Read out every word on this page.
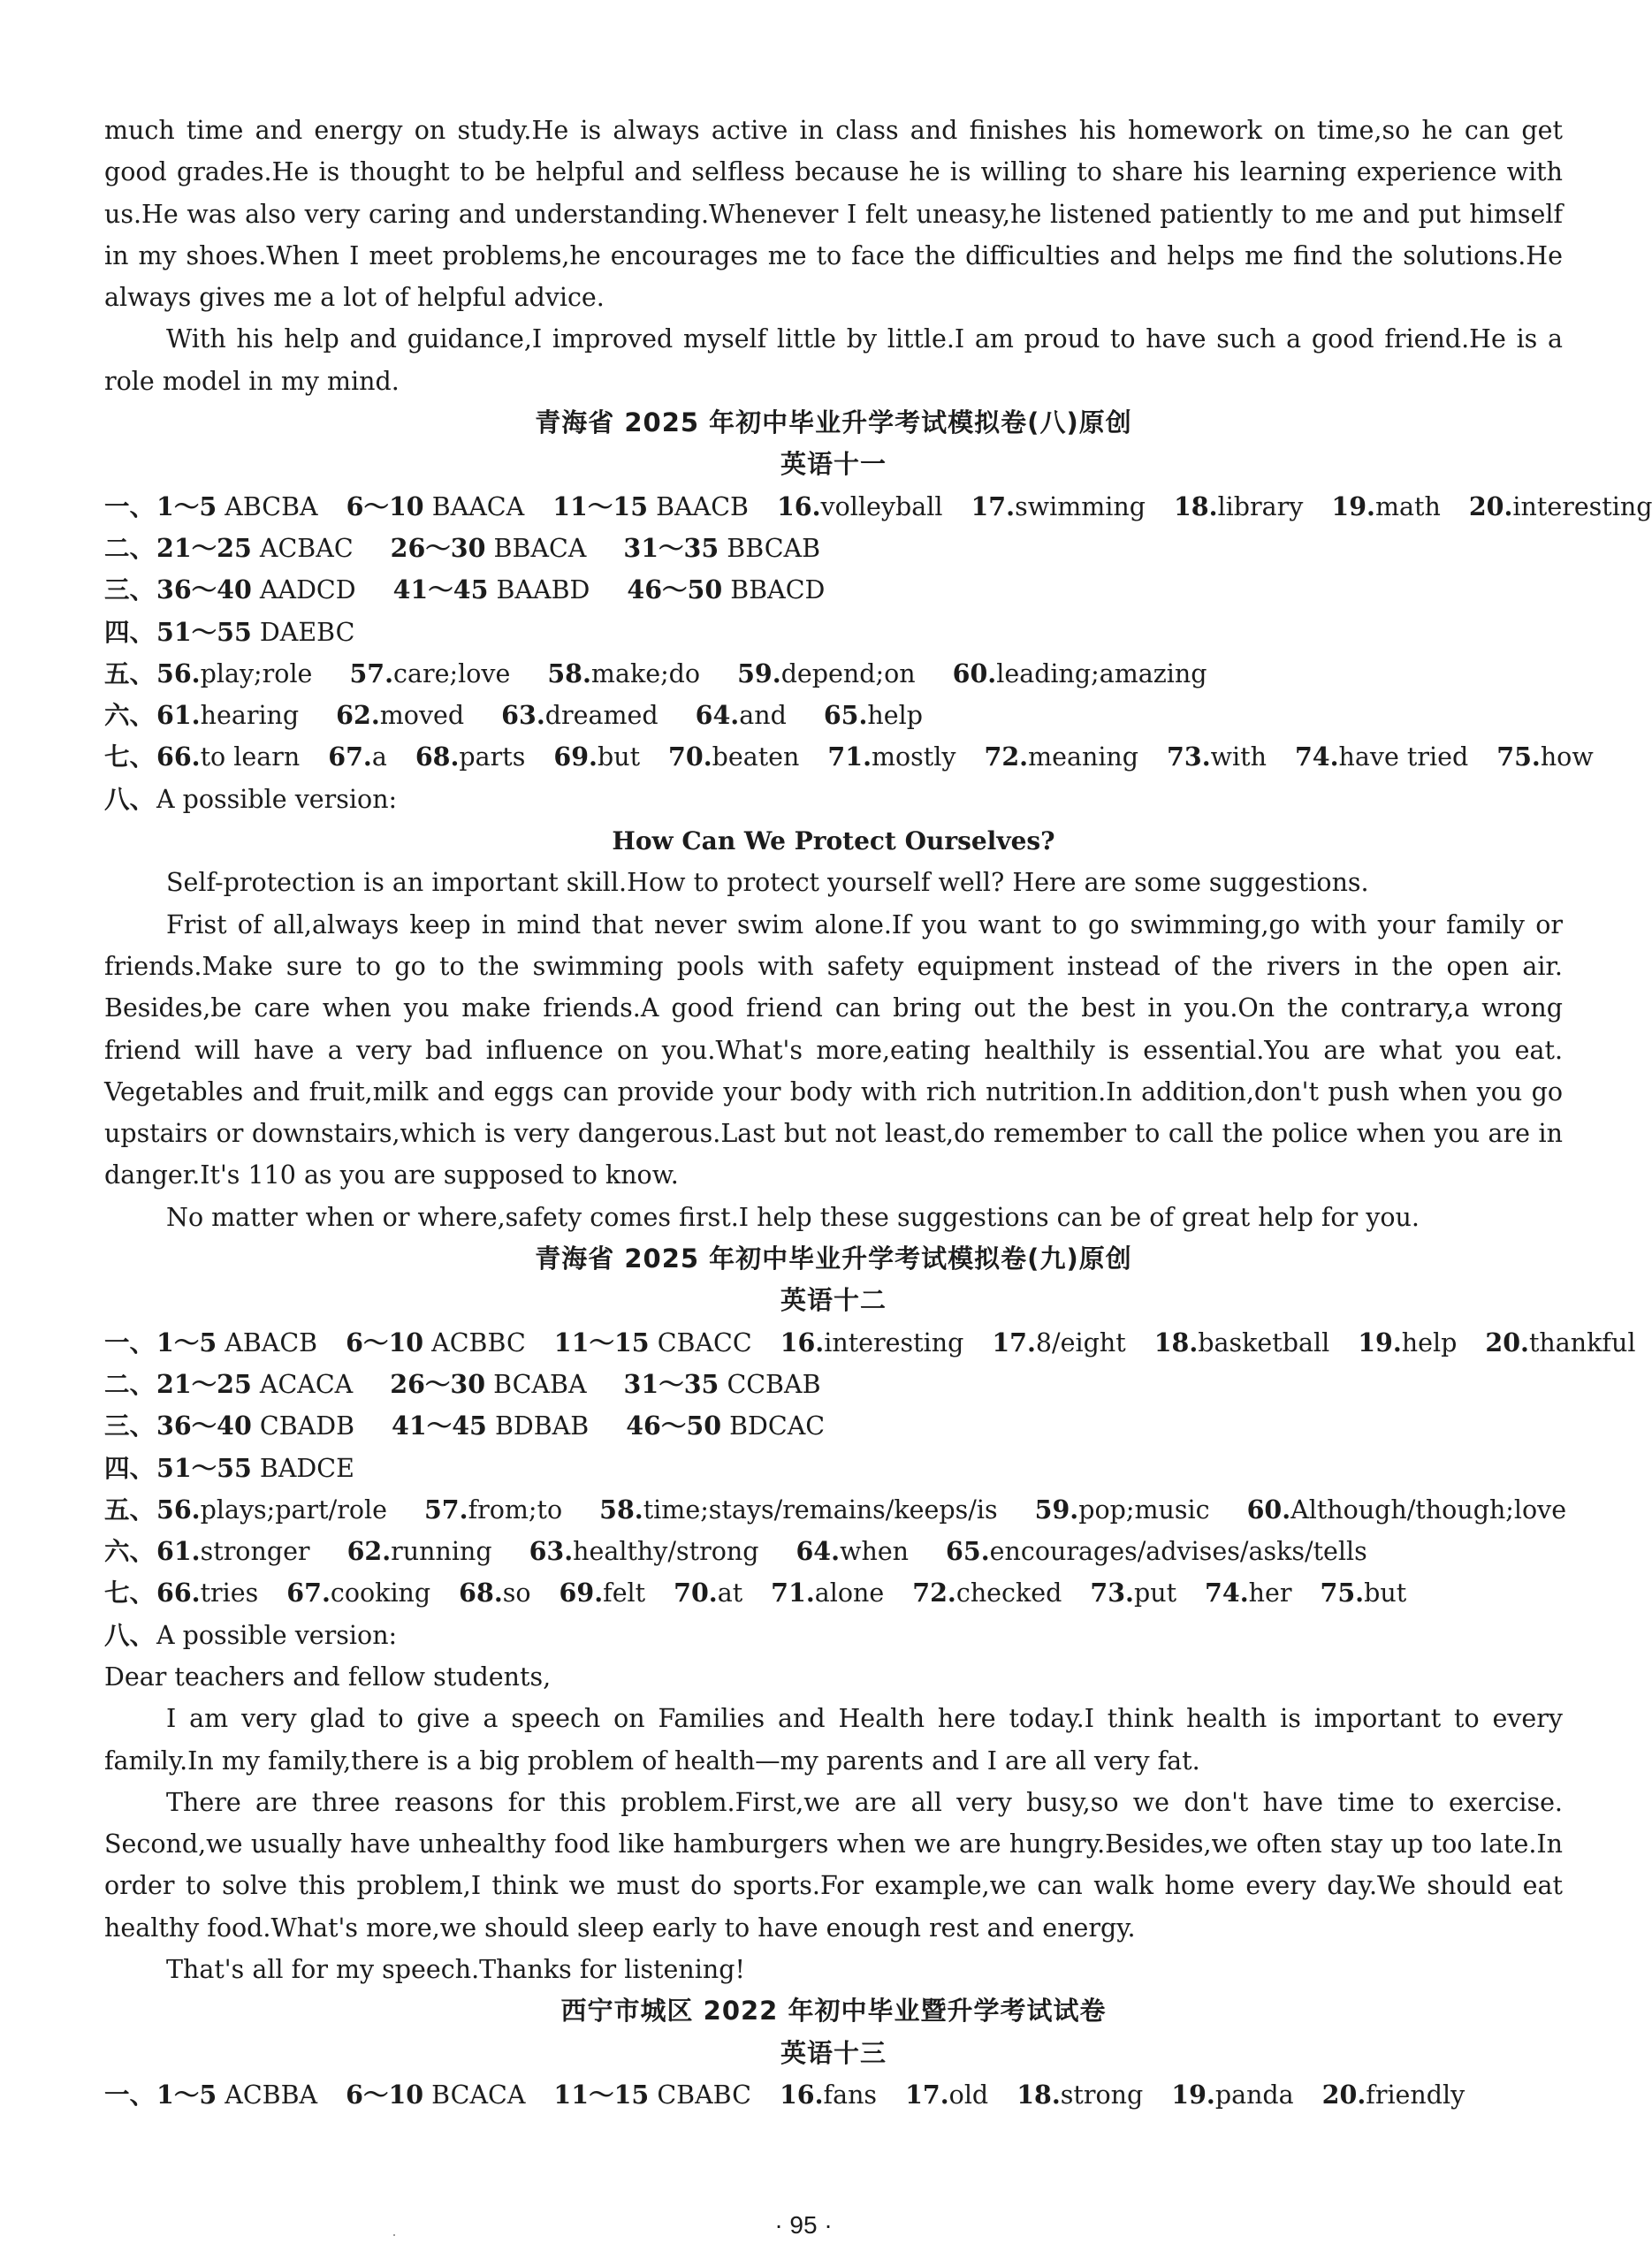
much time and energy on study.He is always active in class and finishes his homework on time,so he can get good grades.He is thought to be helpful and selfless because he is willing to share his learning experience with us.He was also very caring and understanding.Whenever I felt uneasy,he listened patiently to me and put himself in my shoes.When I meet problems,he encourages me to face the difficulties and helps me find the solutions.He always gives me a lot of helpful advice.

With his help and guidance,I improved myself little by little.I am proud to have such a good friend.He is a role model in my mind.

青海省 2025 年初中毕业升学考试模拟卷(八)原创

英语十一

一、 1～5 ABCBA 6～10 BAACA 11～15 BAACB 16.volleyball 17.swimming 18.library 19.math 20.interesting
二、 21～25 ACBAC 26～30 BBACA 31～35 BBCAB
三、 36～40 AADCD 41～45 BAABD 46～50 BBACD
四、 51～55 DAEBC
五、 56.play;role 57.care;love 58.make;do 59.depend;on 60.leading;amazing
六、 61.hearing 62.moved 63.dreamed 64.and 65.help
七、 66.to learn 67.a 68.parts 69.but 70.beaten 71.mostly 72.meaning 73.with 74.have tried 75.how
八、 A possible version:

How Can We Protect Ourselves?

Self-protection is an important skill.How to protect yourself well? Here are some suggestions.

Frist of all,always keep in mind that never swim alone.If you want to go swimming,go with your family or friends.Make sure to go to the swimming pools with safety equipment instead of the rivers in the open air. Besides,be care when you make friends.A good friend can bring out the best in you.On the contrary,a wrong friend will have a very bad influence on you.What's more,eating healthily is essential.You are what you eat. Vegetables and fruit,milk and eggs can provide your body with rich nutrition.In addition,don't push when you go upstairs or downstairs,which is very dangerous.Last but not least,do remember to call the police when you are in danger.It's 110 as you are supposed to know.

No matter when or where,safety comes first.I help these suggestions can be of great help for you.

青海省 2025 年初中毕业升学考试模拟卷(九)原创

英语十二

一、 1～5 ABACB 6～10 ACBBC 11～15 CBACC 16.interesting 17.8/eight 18.basketball 19.help 20.thankful
二、 21～25 ACACA 26～30 BCABA 31～35 CCBAB
三、 36～40 CBADB 41～45 BDBAB 46～50 BDCAC
四、 51～55 BADCE
五、 56.plays;part/role 57.from;to 58.time;stays/remains/keeps/is 59.pop;music 60.Although/though;love
六、 61.stronger 62.running 63.healthy/strong 64.when 65.encourages/advises/asks/tells
七、 66.tries 67.cooking 68.so 69.felt 70.at 71.alone 72.checked 73.put 74.her 75.but
八、 A possible version:

Dear teachers and fellow students,

I am very glad to give a speech on Families and Health here today.I think health is important to every family.In my family,there is a big problem of health—my parents and I are all very fat.

There are three reasons for this problem.First,we are all very busy,so we don't have time to exercise. Second,we usually have unhealthy food like hamburgers when we are hungry.Besides,we often stay up too late.In order to solve this problem,I think we must do sports.For example,we can walk home every day.We should eat healthy food.What's more,we should sleep early to have enough rest and energy.

That's all for my speech.Thanks for listening!

西宁市城区 2022 年初中毕业暨升学考试试卷

英语十三

一、 1～5 ACBBA 6～10 BCACA 11～15 CBABC 16.fans 17.old 18.strong 19.panda 20.friendly
· 95 ·
